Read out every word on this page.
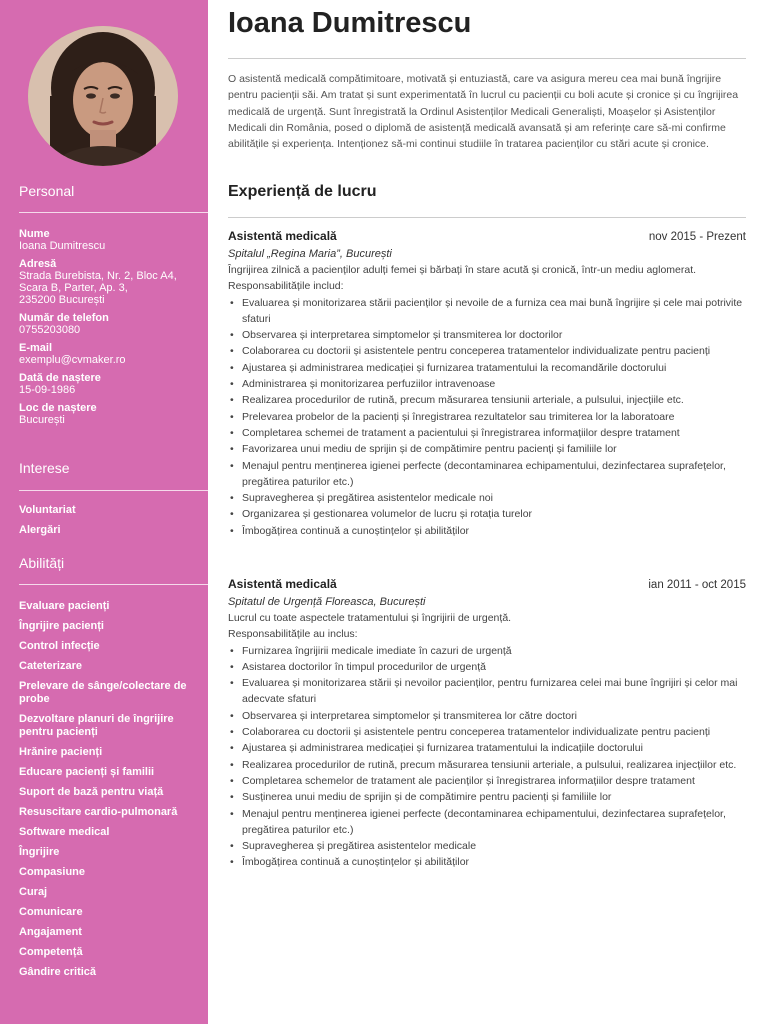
Personal
Nume
Ioana Dumitrescu
Adresă
Strada Burebista, Nr. 2, Bloc A4,
Scara B, Parter, Ap. 3,
235200 București
Număr de telefon
0755203080
E-mail
exemplu@cvmaker.ro
Dată de naștere
15-09-1986
Loc de naștere
București
Interese
Voluntariat
Alergări
Abilități
Evaluare pacienți
Îngrijire pacienți
Control infecție
Cateterizare
Prelevare de sânge/colectare de probe
Dezvoltare planuri de îngrijire pentru pacienți
Hrănire pacienți
Educare pacienți și familii
Suport de bază pentru viață
Resuscitare cardio-pulmonară
Software medical
Îngrijire
Compasiune
Curaj
Comunicare
Angajament
Competență
Gândire critică
Ioana Dumitrescu
O asistentă medicală compătimitoare, motivată și entuziastă, care va asigura mereu cea mai bună îngrijire pentru pacienții săi. Am tratat și sunt experimentată în lucrul cu pacienții cu boli acute și cronice și cu îngrijirea medicală de urgență. Sunt înregistrată la Ordinul Asistenților Medicali Generaliști, Moașelor și Asistenților Medicali din România, posed o diplomă de asistență medicală avansată și am referințe care să-mi confirme abilitățile și experiența. Intenționez să-mi continui studiile în tratarea pacienților cu stări acute și cronice.
Experiență de lucru
Asistentă medicală	nov 2015 - Prezent
Spitalul „Regina Maria”, București
Îngrijirea zilnică a pacienților adulți femei și bărbați în stare acută și cronică, într-un mediu aglomerat.
Responsabilitățile includ:
• Evaluarea și monitorizarea stării pacienților și nevoile de a furniza cea mai bună îngrijire și cele mai potrivite sfaturi
• Observarea și interpretarea simptomelor și transmiterea lor doctorilor
• Colaborarea cu doctorii și asistentele pentru conceperea tratamentelor individualizate pentru pacienți
• Ajustarea și administrarea medicației și furnizarea tratamentului la recomandările doctorului
• Administrarea și monitorizarea perfuziilor intravenoase
• Realizarea procedurilor de rutină, precum măsurarea tensiunii arteriale, a pulsului, injecțiile etc.
• Prelevarea probelor de la pacienți și înregistrarea rezultatelor sau trimiterea lor la laboratoare
• Completarea schemei de tratament a pacientului și înregistrarea informațiilor despre tratament
• Favorizarea unui mediu de sprijin și de compătimire pentru pacienți și familiile lor
• Menajul pentru menținerea igienei perfecte (decontaminarea echipamentului, dezinfectarea suprafețelor, pregătirea paturilor etc.)
• Supravegherea și pregătirea asistentelor medicale noi
• Organizarea și gestionarea volumelor de lucru și rotația turelor
• Îmbogățirea continuă a cunoștințelor și abilităților
Asistentă medicală	ian 2011 - oct 2015
Spitatul de Urgență Floreasca, București
Lucrul cu toate aspectele tratamentului și îngrijirii de urgență.
Responsabilitățile au inclus:
• Furnizarea îngrijirii medicale imediate în cazuri de urgență
• Asistarea doctorilor în timpul procedurilor de urgență
• Evaluarea și monitorizarea stării și nevoilor pacienților, pentru furnizarea celei mai bune îngrijiri și celor mai adecvate sfaturi
• Observarea și interpretarea simptomelor și transmiterea lor către doctori
• Colaborarea cu doctorii și asistentele pentru conceperea tratamentelor individualizate pentru pacienți
• Ajustarea și administrarea medicației și furnizarea tratamentului la indicațiile doctorului
• Realizarea procedurilor de rutină, precum măsurarea tensiunii arteriale, a pulsului, realizarea injecțiilor etc.
• Completarea schemelor de tratament ale pacienților și înregistrarea informațiilor despre tratament
• Susținerea unui mediu de sprijin și de compătimire pentru pacienți și familiile lor
• Menajul pentru menținerea igienei perfecte (decontaminarea echipamentului, dezinfectarea suprafețelor, pregătirea paturilor etc.)
• Supravegherea și pregătirea asistentelor medicale
• Îmbogățirea continuă a cunoștințelor și abilităților
